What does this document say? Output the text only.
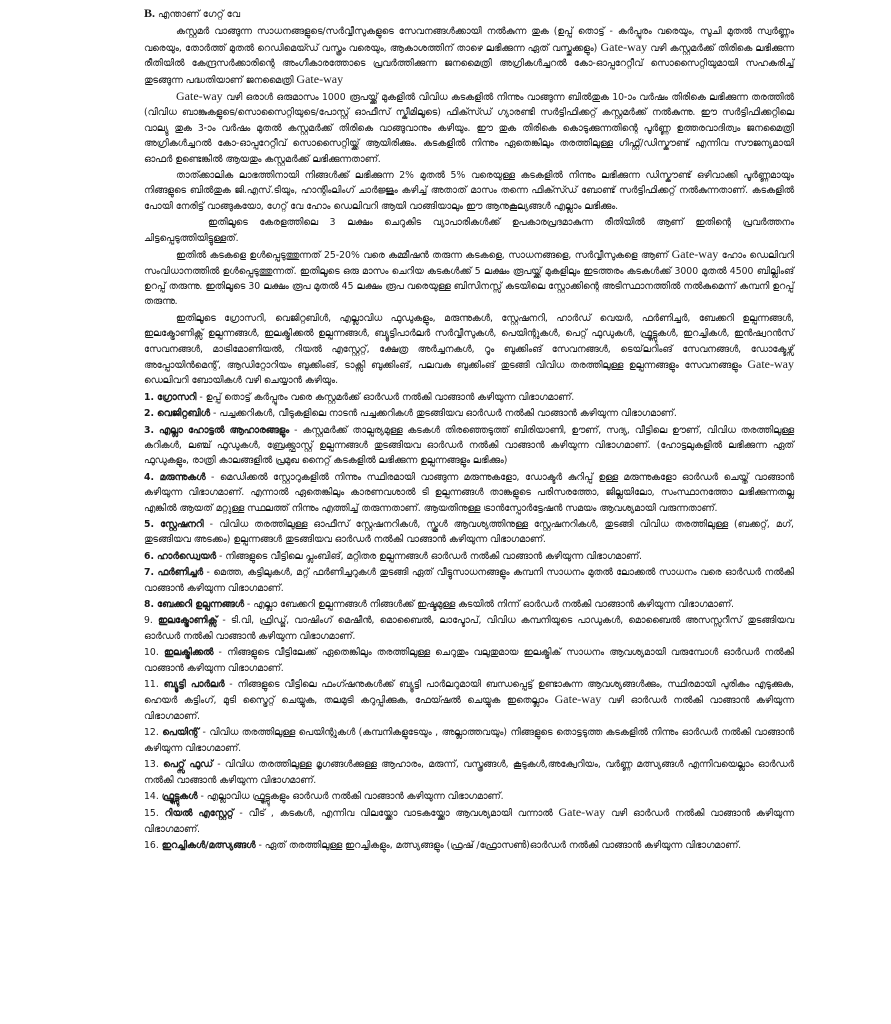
B. എന്താണ് ഗേറ്റ് വേ

കസ്റ്റമർ വാങ്ങുന്ന സാധനങ്ങളുടെ/സർവ്വീസുകളുടെ സേവനങ്ങൾക്കായി നൽകുന്ന തുക (ഉപ്പ് തൊട്ട് - കർപ്പൂരം വരെയും, സൂചി മുതൽ സ്വർണ്ണം വരെയും, തോർത്ത് മുതൽ റെഡിമെയ്ഡ് വസ്ത്രം വരെയും, ആകാശത്തിന് താഴെ ലഭിക്കുന്ന ഏത് വസ്തുക്കളും) Gate-way വഴി കസ്റ്റമർക്ക് തിരികെ ലഭിക്കുന്ന രീതിയിൽ കേന്ദ്രസർക്കാരിന്റെ അംഗീകാരത്തോടെ പ്രവർത്തിക്കുന്ന ജനമൈത്രി അഗ്രികൾച്ചറൽ കോ-ഓപ്പറേറ്റീവ് സൊസൈറ്റിയുമായി സഹകരിച്ച് തുടങ്ങുന്ന പദ്ധതിയാണ് ജനമൈത്രി Gate-way

Gate-way വഴി ഒരാൾ ഒരുമാസം 1000 രൂപയ്ക്ക് മുകളിൽ വിവിധ കടകളിൽ നിന്നും വാങ്ങുന്ന ബിൽതുക 10-ാം വർഷം തിരികെ ലഭിക്കുന്ന തരത്തിൽ (വിവിധ ബാങ്കുകളുടെ/സൊസൈറ്റിയുടെ/പോസ്റ്റ് ഓഫീസ് സ്കീമിലൂടെ) ഫിക്സ്ഡ് ഗ്യാരണ്ടി സർട്ടിഫിക്കറ്റ് കസ്റ്റമർക്ക് നൽകുന്നു. ഈ സർട്ടിഫിക്കറ്റിലെ വാല്യു തുക 3-ാം വർഷം മുതൽ കസ്റ്റമർക്ക് തിരികെ വാങ്ങുവാനും കഴിയും. ഈ തുക തിരികെ കൊടുക്കുന്നതിന്റെ പൂർണ്ണ ഉത്തരവാദിത്വം ജനമൈത്രി അഗ്രികൾച്ചറൽ കോ-ഓപ്പറേറ്റീവ് സൊസൈറ്റിയ്ക്ക് ആയിരിക്കും. കടകളിൽ നിന്നും ഏതെങ്കിലും തരത്തിലുള്ള ഗിഫ്റ്റ്/ഡിസ്കൗണ്ട് എന്നിവ സൗജന്യമായി ഓഫർ ഉണ്ടെങ്കിൽ ആയതും കസ്റ്റമർക്ക് ലഭിക്കുന്നതാണ്.

താത്ക്കാലിക ലാഭത്തിനായി നിങ്ങൾക്ക് ലഭിക്കുന്ന 2% മുതൽ 5% വരെയുള്ള കടകളിൽ നിന്നും ലഭിക്കുന്ന ഡിസ്കൗണ്ട് ഒഴിവാക്കി പൂർണ്ണമായും നിങ്ങളുടെ ബിൽതുക ജി.എസ്.ടിയും, ഹാന്റിംലിംഗ് ചാർജ്ജും കഴിച്ച് അതാത് മാസം തന്നെ ഫിക്സ്ഡ് ബോണ്ട് സർട്ടിഫിക്കറ്റ് നൽകുന്നതാണ്. കടകളിൽ പോയി നേരിട്ട് വാങ്ങുകയോ, ഗേറ്റ് വേ ഹോം ഡെലിവറി ആയി വാങ്ങിയാലും ഈ ആനുകൂല്യങ്ങൾ എല്ലാം ലഭിക്കും.

ഇതിലൂടെ കേരളത്തിലെ 3 ലക്ഷം ചെറുകിട വ്യാപാരികൾക്ക് ഉപകാരപ്രദമാകുന്ന രീതിയിൽ ആണ് ഇതിന്റെ പ്രവർത്തനം ചിട്ടപ്പെടുത്തിയിട്ടുള്ളത്.

ഇതിൽ കടകളെ ഉൾപ്പെടുത്തുന്നത് 25-20% വരെ കമ്മീഷൻ തരുന്ന കടകളെ, സാധനങ്ങളെ, സർവ്വീസുകളെ ആണ് Gate-way ഹോം ഡെലിവറി സംവിധാനത്തിൽ ഉൾപ്പെടുത്തുന്നത്. ഇതിലൂടെ ഒരു മാസം ചെറിയ കടകൾക്ക് 5 ലക്ഷം രൂപയ്ക്ക് മുകളിലും ഇടത്തരം കടകൾക്ക് 3000 മുതൽ 4500 ബില്ലിംങ് ഉറപ്പ് തരുന്നു. ഇതിലൂടെ 30 ലക്ഷം രൂപ മുതൽ 45 ലക്ഷം രൂപ വരെയുള്ള ബിസിനസ്സ് കടയിലെ സ്റ്റോക്കിന്റെ അടിസ്ഥാനത്തിൽ നൽകുമെന്ന് കമ്പനി ഉറപ്പ് തരുന്നു.

ഇതിലൂടെ ഗ്രോസറി, വെജിറ്റബിൾ, എല്ലാവിധ ഫുഡുകളും, മരുന്നുകൾ, സ്റ്റേഷനറി, ഹാർഡ് വെയർ, ഫർണിച്ചർ, ബേക്കറി ഉല്പന്നങ്ങൾ, ഇലക്ട്രോണിക്സ് ഉല്പന്നങ്ങൾ, ഇലക്ട്രിക്കൽ ഉല്പന്നങ്ങൾ, ബ്യൂട്ടിപാർലർ സർവ്വീസുകൾ, പെയിന്റുകൾ, പെറ്റ് ഫുഡുകൾ, ഫ്രൂട്ട്സുകൾ, ഇറച്ചികൾ, ഇൻഷ്വറൻസ് സേവനങ്ങൾ, മാട്രിമോണിയൽ, റിയൽ എസ്റ്റേറ്റ്, ക്ഷേത്ര അർച്ചനകൾ, റൂം ബുക്കിംങ് സേവനങ്ങൾ, ടെയ്‌ലറിംങ് സേവനങ്ങൾ, ഡോക്ടേഴ്സ് അപ്പോയിൻമെന്റ്, ആഡിറ്റോറിയം ബുക്കിംങ്, ടാക്സി ബുക്കിംങ്, പലവക ബുക്കിംങ് തുടങ്ങി വിവിധ തരത്തിലുള്ള ഉല്പന്നങ്ങളും സേവനങ്ങളും Gate-way ഡെലിവറി ബോയികൾ വഴി ചെയ്യാൻ കഴിയും.

1. ഗ്രോസറി - ഉപ്പ് തൊട്ട് കർപ്പൂരം വരെ കസ്റ്റമർക്ക് ഓർഡർ നൽകി വാങ്ങാൻ കഴിയുന്ന വിഭാഗമാണ്.

2. വെജിറ്റബിൾ - പച്ചക്കറികൾ, വീടുകളിലെ നാടൻ പച്ചക്കറികൾ തുടങ്ങിയവ ഓർഡർ നൽകി വാങ്ങാൻ കഴിയുന്ന വിഭാഗമാണ്.

3. എല്ലാ ഹോട്ടൽ ആഹാരങ്ങളും - കസ്റ്റമർക്ക് താല്പര്യമുള്ള കടകൾ തിരഞ്ഞെടുത്ത് ബിരിയാണി, ഊണ്, സദ്യ, വീട്ടിലെ ഊണ്, വിവിധ തരത്തിലുള്ള കറികൾ, ലഞ്ച് ഫുഡുകൾ, ബ്രേക്ക്ഫാസ്റ്റ് ഉല്പന്നങ്ങൾ തുടങ്ങിയവ ഓർഡർ നൽകി വാങ്ങാൻ കഴിയുന്ന വിഭാഗമാണ്. (ഹോട്ടലുകളിൽ ലഭിക്കുന്ന ഏത് ഫുഡുകളും, രാത്രി കാലങ്ങളിൽ പ്രമുഖ നൈറ്റ് കടകളിൽ ലഭിക്കുന്ന ഉല്പന്നങ്ങളും ലഭിക്കും)

4. മരുന്നുകൾ - മെഡിക്കൽ സ്റ്റോറുകളിൽ നിന്നും സ്ഥിരമായി വാങ്ങുന്ന മരുന്നുകളോ, ഡോക്ടർ കുറിപ്പ് ഉള്ള മരുന്നുകളോ ഓർഡർ ചെയ്ത് വാങ്ങാൻ കഴിയുന്ന വിഭാഗമാണ്. എന്നാൽ ഏതെങ്കിലും കാരണവശാൽ ടി ഉല്പന്നങ്ങൾ താങ്കളുടെ പരിസരത്തോ, ജില്ലയിലോ, സംസ്ഥാനത്തോ ലഭിക്കുന്നതല്ല എങ്കിൽ ആയത് മറ്റുള്ള സ്ഥലത്ത് നിന്നും എത്തിച്ച് തരുന്നതാണ്. ആയതിനുള്ള ട്രാൻസ്പോർട്ടേഷൻ സമയം ആവശ്യമായി വരുന്നതാണ്.

5. സ്റ്റേഷനറി - വിവിധ തരത്തിലുള്ള ഓഫീസ് സ്റ്റേഷനറികൾ, സ്കൂൾ ആവശ്യത്തിനുള്ള സ്റ്റേഷനറികൾ, തുടങ്ങി വിവിധ തരത്തിലുള്ള (ബക്കറ്റ്, മഗ്, തുടങ്ങിയവ അടക്കം) ഉല്പന്നങ്ങൾ തുടങ്ങിയവ ഓർഡർ നൽകി വാങ്ങാൻ കഴിയുന്ന വിഭാഗമാണ്.

6. ഹാർഡ്വെയർ - നിങ്ങളുടെ വീട്ടിലെ പ്ലംബിങ്, മറ്റിതര ഉല്പന്നങ്ങൾ ഓർഡർ നൽകി വാങ്ങാൻ കഴിയുന്ന വിഭാഗമാണ്.

7. ഫർണിച്ചർ - മെത്ത, കട്ടിലുകൾ, മറ്റ് ഫർണിച്ചറുകൾ തുടങ്ങി ഏത് വീട്ടുസാധനങ്ങളും കമ്പനി സാധനം മുതൽ ലോക്കൽ സാധനം വരെ ഓർഡർ നൽകി വാങ്ങാൻ കഴിയുന്ന വിഭാഗമാണ്.

8. ബേക്കറി ഉല്പന്നങ്ങൾ - എല്ലാ ബേക്കറി ഉല്പന്നങ്ങൾ നിങ്ങൾക്ക് ഇഷ്ടമുള്ള കടയിൽ നിന്ന് ഓർഡർ നൽകി വാങ്ങാൻ കഴിയുന്ന വിഭാഗമാണ്.

9. ഇലക്ട്രോണിക്സ് - ടി.വി, ഫ്രിഡ്ജ്, വാഷിംഗ് മെഷീൻ, മൊബൈൽ, ലാപ്ടോപ്, വിവിധ കമ്പനിയുടെ പാഡുകൾ, മൊബൈൽ അസസ്സറീസ് തുടങ്ങിയവ ഓർഡർ നൽകി വാങ്ങാൻ കഴിയുന്ന വിഭാഗമാണ്.

10. ഇലക്ട്രിക്കൽ - നിങ്ങളുടെ വീട്ടിലേക്ക് ഏതെങ്കിലും തരത്തിലുള്ള ചെറുതും വലുതുമായ ഇലക്ട്രിക് സാധനം ആവശ്യമായി വരുമ്പോൾ ഓർഡർ നൽകി വാങ്ങാൻ കഴിയുന്ന വിഭാഗമാണ്.

11. ബ്യൂട്ടി പാർലർ - നിങ്ങളുടെ വീട്ടിലെ ഫംഗ്ഷനുകൾക്ക് ബ്യൂട്ടി പാർലറുമായി ബന്ധപ്പെട്ട് ഉണ്ടാകുന്ന ആവശ്യങ്ങൾക്കും, സ്ഥിരമായി പുരികം എടുക്കുക, ഹെയർ കട്ടിംഗ്, മുടി സ്ട്രൈറ്റ് ചെയ്യുക, തലമുടി കറുപ്പിക്കുക, ഫേയ്ഷൽ ചെയ്യുക ഇതെല്ലാം Gate-way വഴി ഓർഡർ നൽകി വാങ്ങാൻ കഴിയുന്ന വിഭാഗമാണ്.

12. പെയിന്റ് - വിവിധ തരത്തിലുള്ള പെയിന്റുകൾ (കമ്പനികളുടേയും , അല്ലാത്തവയും) നിങ്ങളുടെ തൊട്ടടുത്ത കടകളിൽ നിന്നും ഓർഡർ നൽകി വാങ്ങാൻ കഴിയുന്ന വിഭാഗമാണ്.

13. പെറ്റ്സ് ഫുഡ് - വിവിധ തരത്തിലുള്ള മൃഗങ്ങൾക്കുള്ള ആഹാരം, മരുന്ന്, വസ്ത്രങ്ങൾ, കൂടുകൾ,അക്വേറിയം, വർണ്ണ മത്സ്യങ്ങൾ എന്നിവയെല്ലാം ഓർഡർ നൽകി വാങ്ങാൻ കഴിയുന്ന വിഭാഗമാണ്.

14. ഫ്രൂട്ട്സുകൾ - എല്ലാവിധ ഫ്രൂട്ട്സുകളും ഓർഡർ നൽകി വാങ്ങാൻ കഴിയുന്ന വിഭാഗമാണ്.

15. റിയൽ എസ്റ്റേറ്റ് - വീട് , കടകൾ, എന്നിവ വിലയ്ക്കോ വാടകയ്ക്കോ ആവശ്യമായി വന്നാൽ Gate-way വഴി ഓർഡർ നൽകി വാങ്ങാൻ കഴിയുന്ന വിഭാഗമാണ്.

16. ഇറച്ചികൾ/മത്സ്യങ്ങൾ - ഏത് തരത്തിലുള്ള ഇറച്ചികളും, മത്സ്യങ്ങളും (ഫ്രഷ് /ഫ്രോസൺ)ഓർഡർ നൽകി വാങ്ങാൻ കഴിയുന്ന വിഭാഗമാണ്.
